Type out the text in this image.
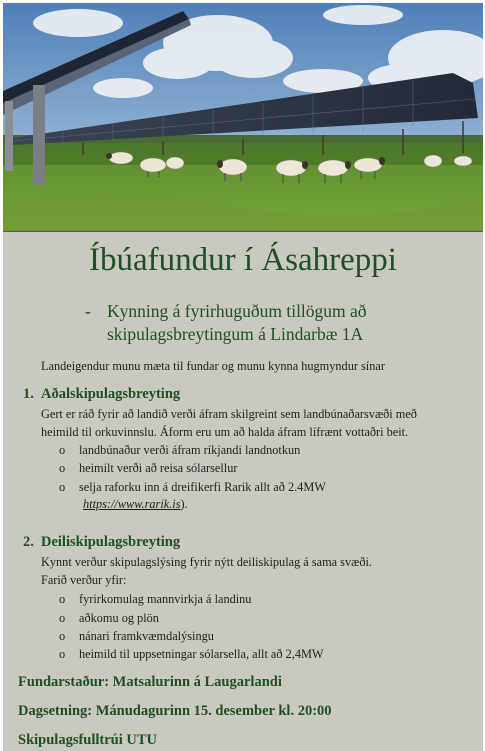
Íbúafundur í Ásahreppi
- Kynning á fyrirhuguðum tillögum að
skipulagsbreytingum á Lindarbæ 1A
Landeigendur munu mæta til fundar og munu kynna hugmyndur sínar
1. Aðalskipulagsbreyting
Gert er ráð fyrir að landið verði áfram skilgreint sem landbúnaðarsvæði með
heimild til orkuvinnslu. Áform eru um að halda áfram lífrænt vottaðri beit.
o landbúnaður verði áfram ríkjandi landnotkun
o heimilt verði að reisa sólarsellur
o selja raforku inn á dreifikerfi Rarik allt að 2.4MW
https://www.rarik.is).
2. Deiliskipulagsbreyting
Kynnt verður skipulagslýsing fyrir nýtt deiliskipulag á sama svæði.
Farið verður yfir:
o fyrirkomulag mannvirkja á landinu
o aðkomu og plön
o nánari framkvæmdalýsingu
o heimild til uppsetningar sólarsella, allt að 2,4MW
Fundarstaður: Matsalurinn á Laugarlandi
Dagsetning: Mánudagurinn 15. desember kl. 20:00
Skipulagsfulltrúi UTU
